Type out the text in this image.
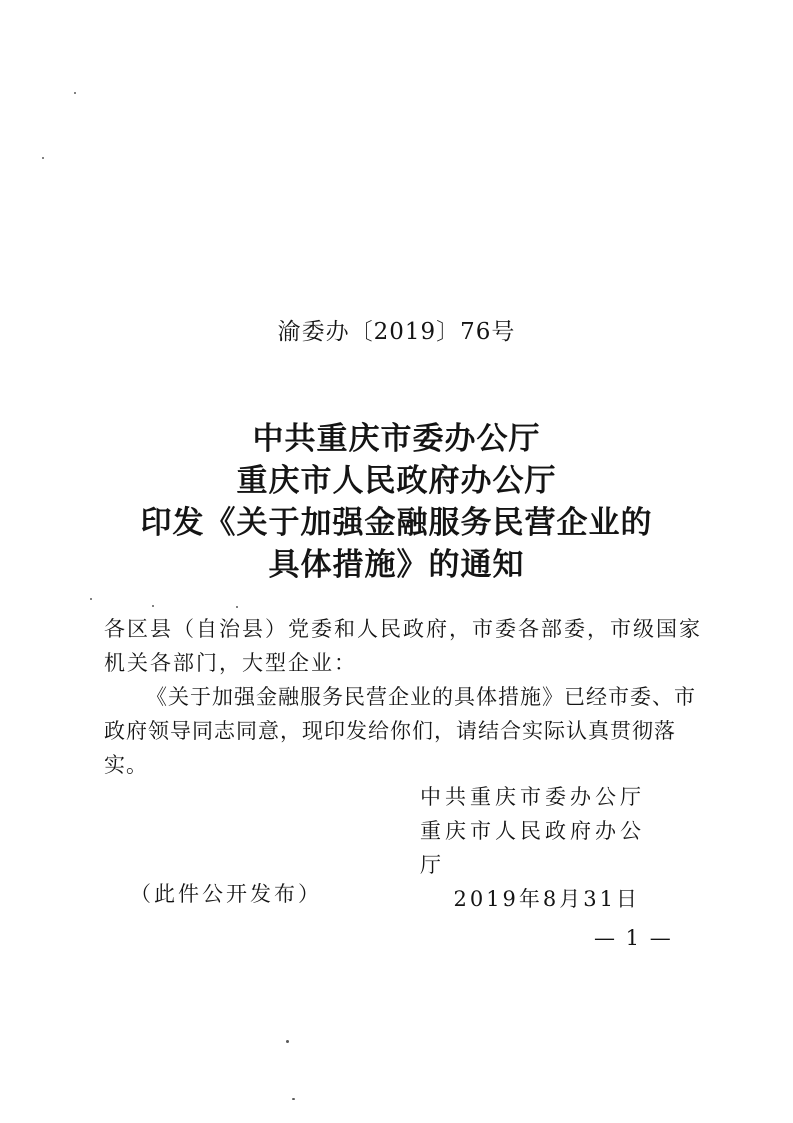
渝委办〔2019〕76号
中共重庆市委办公厅
重庆市人民政府办公厅
印发《关于加强金融服务民营企业的
具体措施》的通知
各区县（自治县）党委和人民政府，市委各部委，市级国家机关各部门，大型企业：
《关于加强金融服务民营企业的具体措施》已经市委、市政府领导同志同意，现印发给你们，请结合实际认真贯彻落实。
中共重庆市委办公厅
重庆市人民政府办公厅
2019年8月31日
（此件公开发布）
— 1 —
